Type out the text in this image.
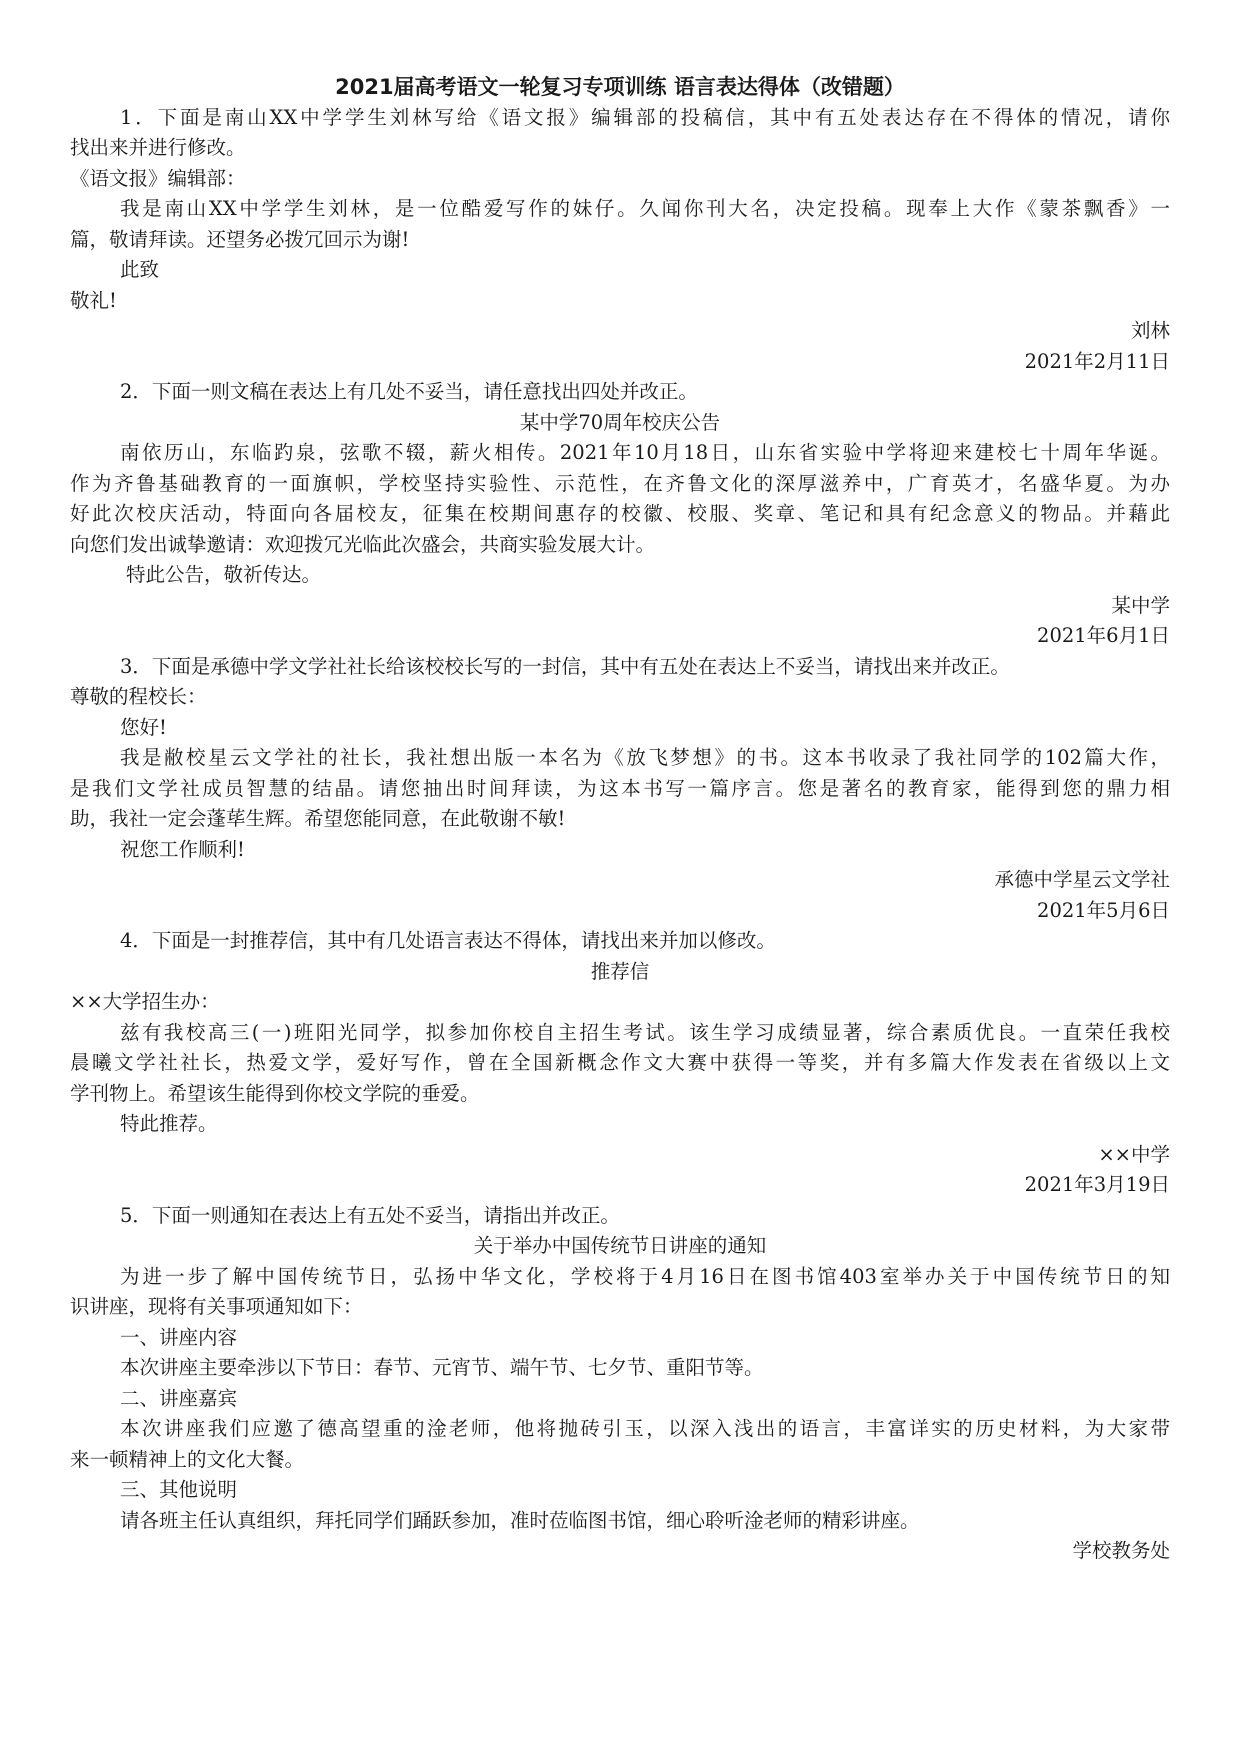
2021届高考语文一轮复习专项训练 语言表达得体（改错题）
1．下面是南山XX中学学生刘林写给《语文报》编辑部的投稿信，其中有五处表达存在不得体的情况，请你
找出来并进行修改。
《语文报》编辑部：
我是南山XX中学学生刘林，是一位酷爱写作的妹仔。久闻你刊大名，决定投稿。现奉上大作《蒙茶飘香》一
篇，敬请拜读。还望务必拨冗回示为谢!
此致
敬礼!
刘林
2021年2月11日
2．下面一则文稿在表达上有几处不妥当，请任意找出四处并改正。
某中学70周年校庆公告
南依历山，东临趵泉，弦歌不辍，薪火相传。2021年10月18日，山东省实验中学将迎来建校七十周年华诞。
作为齐鲁基础教育的一面旗帜，学校坚持实验性、示范性，在齐鲁文化的深厚滋养中，广育英才，名盛华夏。为办
好此次校庆活动，特面向各届校友，征集在校期间惠存的校徽、校服、奖章、笔记和具有纪念意义的物品。并藉此
向您们发出诚挚邀请：欢迎拨冗光临此次盛会，共商实验发展大计。
特此公告，敬祈传达。
某中学
2021年6月1日
3．下面是承德中学文学社社长给该校校长写的一封信，其中有五处在表达上不妥当，请找出来并改正。
尊敬的程校长：
您好!
我是敝校星云文学社的社长，我社想出版一本名为《放飞梦想》的书。这本书收录了我社同学的102篇大作，
是我们文学社成员智慧的结晶。请您抽出时间拜读，为这本书写一篇序言。您是著名的教育家，能得到您的鼎力相
助，我社一定会蓬荜生辉。希望您能同意，在此敬谢不敏!
祝您工作顺利!
承德中学星云文学社
2021年5月6日
4．下面是一封推荐信，其中有几处语言表达不得体，请找出来并加以修改。
推荐信
××大学招生办：
兹有我校高三(一)班阳光同学，拟参加你校自主招生考试。该生学习成绩显著，综合素质优良。一直荣任我校
晨曦文学社社长，热爱文学，爱好写作，曾在全国新概念作文大赛中获得一等奖，并有多篇大作发表在省级以上文
学刊物上。希望该生能得到你校文学院的垂爱。
特此推荐。
××中学
2021年3月19日
5．下面一则通知在表达上有五处不妥当，请指出并改正。
关于举办中国传统节日讲座的通知
为进一步了解中国传统节日，弘扬中华文化，学校将于4月16日在图书馆403室举办关于中国传统节日的知
识讲座，现将有关事项通知如下：
一、讲座内容
本次讲座主要牵涉以下节日：春节、元宵节、端午节、七夕节、重阳节等。
二、讲座嘉宾
本次讲座我们应邀了德高望重的淦老师，他将抛砖引玉，以深入浅出的语言，丰富详实的历史材料，为大家带
来一顿精神上的文化大餐。
三、其他说明
请各班主任认真组织，拜托同学们踊跃参加，准时莅临图书馆，细心聆听淦老师的精彩讲座。
学校教务处
